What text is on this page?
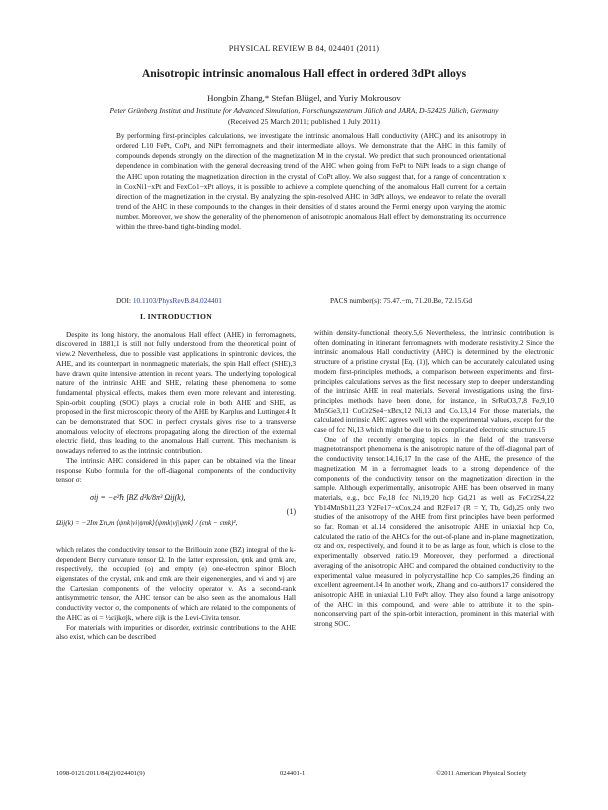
PHYSICAL REVIEW B 84, 024401 (2011)
Anisotropic intrinsic anomalous Hall effect in ordered 3dPt alloys
Hongbin Zhang,* Stefan Blügel, and Yuriy Mokrousov
Peter Grünberg Institut and Institute for Advanced Simulation, Forschungszentrum Jülich and JARA, D-52425 Jülich, Germany
(Received 25 March 2011; published 1 July 2011)
By performing first-principles calculations, we investigate the intrinsic anomalous Hall conductivity (AHC) and its anisotropy in ordered L10 FePt, CoPt, and NiPt ferromagnets and their intermediate alloys. We demonstrate that the AHC in this family of compounds depends strongly on the direction of the magnetization M in the crystal. We predict that such pronounced orientational dependence in combination with the general decreasing trend of the AHC when going from FePt to NiPt leads to a sign change of the AHC upon rotating the magnetization direction in the crystal of CoPt alloy. We also suggest that, for a range of concentration x in CoxNi1−xPt and FexCo1−xPt alloys, it is possible to achieve a complete quenching of the anomalous Hall current for a certain direction of the magnetization in the crystal. By analyzing the spin-resolved AHC in 3dPt alloys, we endeavor to relate the overall trend of the AHC in these compounds to the changes in their densities of d states around the Fermi energy upon varying the atomic number. Moreover, we show the generality of the phenomenon of anisotropic anomalous Hall effect by demonstrating its occurrence within the three-band tight-binding model.
DOI: 10.1103/PhysRevB.84.024401	PACS number(s): 75.47.−m, 71.20.Be, 72.15.Gd
I. INTRODUCTION

Despite its long history, the anomalous Hall effect (AHE) in ferromagnets, discovered in 1881,1 is still not fully understood from the theoretical point of view.2 Nevertheless, due to possible vast applications in spintronic devices, the AHE, and its counterpart in nonmagnetic materials, the spin Hall effect (SHE),3 have drawn quite intensive attention in recent years. The underlying topological nature of the intrinsic AHE and SHE, relating these phenomena to some fundamental physical effects, makes them even more relevant and interesting. Spin-orbit coupling (SOC) plays a crucial role in both AHE and SHE, as proposed in the first microscopic theory of the AHE by Karplus and Luttinger.4 It can be demonstrated that SOC in perfect crystals gives rise to a transverse anomalous velocity of electrons propagating along the direction of the external electric field, thus leading to the anomalous Hall current. This mechanism is nowadays referred to as the intrinsic contribution.

The intrinsic AHC considered in this paper can be obtained via the linear response Kubo formula for the off-diagonal components of the conductivity tensor σ:

σij = −e²ℏ ∫BZ d³k/8π³ Ωij(k),
Ωij(k) = −2Im Σn,m ⟨ψnk|vi|ψmk⟩⟨ψmk|vj|ψnk⟩ / (εnk − εmk)²,
(1)

which relates the conductivity tensor to the Brillouin zone (BZ) integral of the k-dependent Berry curvature tensor Ω. In the latter expression, ψnk and ψmk are, respectively, the occupied (o) and empty (e) one-electron spinor Bloch eigenstates of the crystal, εnk and εmk are their eigenenergies, and vi and vj are the Cartesian components of the velocity operator v. As a second-rank antisymmetric tensor, the AHC tensor can be also seen as the anomalous Hall conductivity vector σ, the components of which are related to the components of the AHC as σi = ½εijkσjk, where εijk is the Levi-Civita tensor.

For materials with impurities or disorder, extrinsic contributions to the AHE also exist, which can be described

within density-functional theory.5,6 Nevertheless, the intrinsic contribution is often dominating in itinerant ferromagnets with moderate resistivity.2 Since the intrinsic anomalous Hall conductivity (AHC) is determined by the electronic structure of a pristine crystal [Eq. (1)], which can be accurately calculated using modern first-principles methods, a comparison between experiments and first-principles calculations serves as the first necessary step to deeper understanding of the intrinsic AHE in real materials. Several investigations using the first-principles methods have been done, for instance, in SrRuO3,7,8 Fe,9,10 Mn5Ge3,11 CuCr2Se4−xBrx,12 Ni,13 and Co.13,14 For those materials, the calculated intrinsic AHC agrees well with the experimental values, except for the case of fcc Ni,13 which might be due to its complicated electronic structure.15

One of the recently emerging topics in the field of the transverse magnetotransport phenomena is the anisotropic nature of the off-diagonal part of the conductivity tensor.14,16,17 In the case of the AHE, the presence of the magnetization M in a ferromagnet leads to a strong dependence of the components of the conductivity tensor on the magnetization direction in the sample. Although experimentally, anisotropic AHE has been observed in many materials, e.g., bcc Fe,18 fcc Ni,19,20 hcp Gd,21 as well as FeCr2S4,22 Yb14MnSb11,23 Y2Fe17−xCox,24 and R2Fe17 (R = Y, Tb, Gd),25 only two studies of the anisotropy of the AHE from first principles have been performed so far. Roman et al.14 considered the anisotropic AHE in uniaxial hcp Co, calculated the ratio of the AHCs for the out-of-plane and in-plane magnetization, σz and σx, respectively, and found it to be as large as four, which is close to the experimentally observed ratio.19 Moreover, they performed a directional averaging of the anisotropic AHC and compared the obtained conductivity to the experimental value measured in polycrystalline hcp Co samples,26 finding an excellent agreement.14 In another work, Zhang and co-authors17 considered the anisotropic AHE in uniaxial L10 FePt alloy. They also found a large anisotropy of the AHC in this compound, and were able to attribute it to the spin-nonconserving part of the spin-orbit interaction, prominent in this material with strong SOC.

1098-0121/2011/84(2)/024401(9)	024401-1	©2011 American Physical Society
